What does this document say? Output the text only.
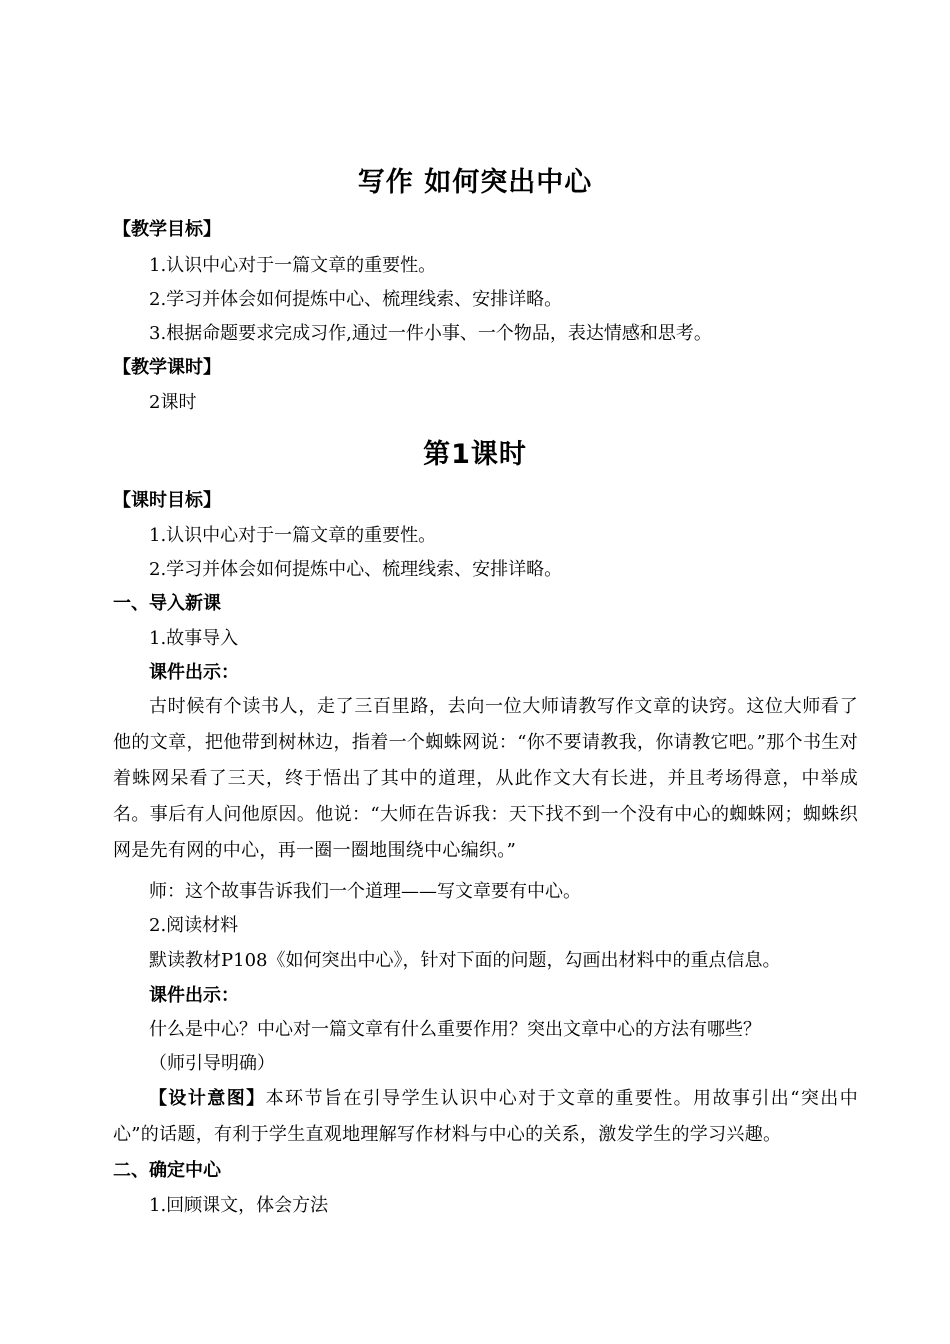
写作 如何突出中心
【教学目标】
1.认识中心对于一篇文章的重要性。
2.学习并体会如何提炼中心、梳理线索、安排详略。
3.根据命题要求完成习作,通过一件小事、一个物品，表达情感和思考。
【教学课时】
2课时
第1课时
【课时目标】
1.认识中心对于一篇文章的重要性。
2.学习并体会如何提炼中心、梳理线索、安排详略。
一、导入新课
1.故事导入
课件出示：
古时候有个读书人，走了三百里路，去向一位大师请教写作文章的诀窍。这位大师看了他的文章，把他带到树林边，指着一个蜘蛛网说：“你不要请教我，你请教它吧。”那个书生对着蛛网呆看了三天，终于悟出了其中的道理，从此作文大有长进，并且考场得意，中举成名。事后有人问他原因。他说：“大师在告诉我：天下找不到一个没有中心的蜘蛛网；蜘蛛织网是先有网的中心，再一圈一圈地围绕中心编织。”
师：这个故事告诉我们一个道理——写文章要有中心。
2.阅读材料
默读教材P108《如何突出中心》，针对下面的问题，勾画出材料中的重点信息。
课件出示：
什么是中心？中心对一篇文章有什么重要作用？突出文章中心的方法有哪些？
（师引导明确）
【设计意图】本环节旨在引导学生认识中心对于文章的重要性。用故事引出“突出中心”的话题，有利于学生直观地理解写作材料与中心的关系，激发学生的学习兴趣。
二、确定中心
1.回顾课文，体会方法
